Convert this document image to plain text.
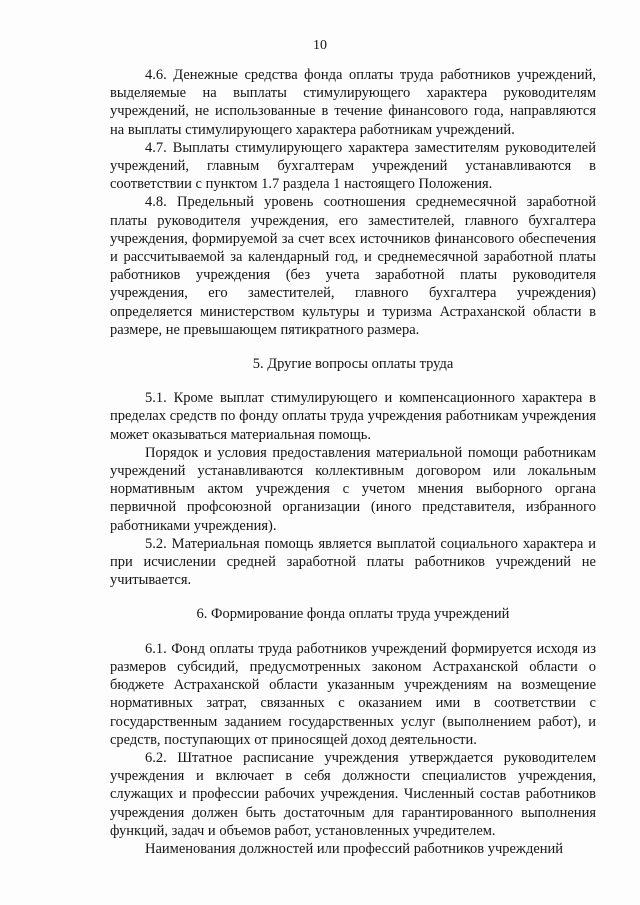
10

4.6. Денежные средства фонда оплаты труда работников учреждений, выделяемые на выплаты стимулирующего характера руководителям учреждений, не использованные в течение финансового года, направляются на выплаты стимулирующего характера работникам учреждений.

4.7. Выплаты стимулирующего характера заместителям руководителей учреждений, главным бухгалтерам учреждений устанавливаются в соответствии с пунктом 1.7 раздела 1 настоящего Положения.

4.8. Предельный уровень соотношения среднемесячной заработной платы руководителя учреждения, его заместителей, главного бухгалтера учреждения, формируемой за счет всех источников финансового обеспечения и рассчитываемой за календарный год, и среднемесячной заработной платы работников учреждения (без учета заработной платы руководителя учреждения, его заместителей, главного бухгалтера учреждения) определяется министерством культуры и туризма Астраханской области в размере, не превышающем пятикратного размера.

5. Другие вопросы оплаты труда

5.1. Кроме выплат стимулирующего и компенсационного характера в пределах средств по фонду оплаты труда учреждения работникам учреждения может оказываться материальная помощь.

Порядок и условия предоставления материальной помощи работникам учреждений устанавливаются коллективным договором или локальным нормативным актом учреждения с учетом мнения выборного органа первичной профсоюзной организации (иного представителя, избранного работниками учреждения).

5.2. Материальная помощь является выплатой социального характера и при исчислении средней заработной платы работников учреждений не учитывается.

6. Формирование фонда оплаты труда учреждений

6.1. Фонд оплаты труда работников учреждений формируется исходя из размеров субсидий, предусмотренных законом Астраханской области о бюджете Астраханской области указанным учреждениям на возмещение нормативных затрат, связанных с оказанием ими в соответствии с государственным заданием государственных услуг (выполнением работ), и средств, поступающих от приносящей доход деятельности.

6.2. Штатное расписание учреждения утверждается руководителем учреждения и включает в себя должности специалистов учреждения, служащих и профессии рабочих учреждения. Численный состав работников учреждения должен быть достаточным для гарантированного выполнения функций, задач и объемов работ, установленных учредителем.

Наименования должностей или профессий работников учреждений
